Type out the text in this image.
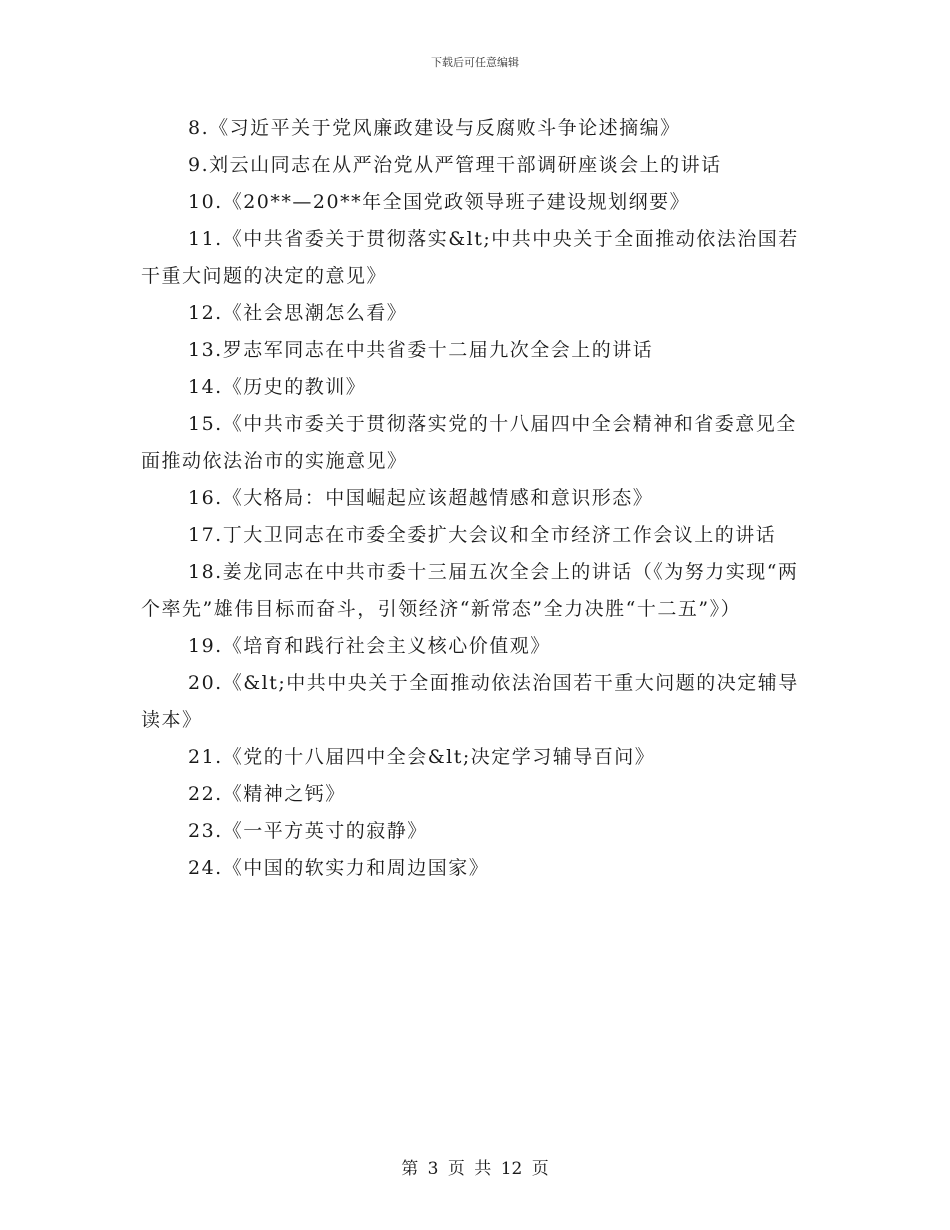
下载后可任意编辑

8.《习近平关于党风廉政建设与反腐败斗争论述摘编》

9.刘云山同志在从严治党从严管理干部调研座谈会上的讲话

10.《20**—20**年全国党政领导班子建设规划纲要》

11.《中共省委关于贯彻落实&lt;中共中央关于全面推动依法治国若干重大问题的决定的意见》

12.《社会思潮怎么看》

13.罗志军同志在中共省委十二届九次全会上的讲话

14.《历史的教训》

15.《中共市委关于贯彻落实党的十八届四中全会精神和省委意见全面推动依法治市的实施意见》

16.《大格局：中国崛起应该超越情感和意识形态》

17.丁大卫同志在市委全委扩大会议和全市经济工作会议上的讲话

18.姜龙同志在中共市委十三届五次全会上的讲话（《为努力实现“两个率先”雄伟目标而奋斗，引领经济“新常态”全力决胜“十二五”》）

19.《培育和践行社会主义核心价值观》

20.《&lt;中共中央关于全面推动依法治国若干重大问题的决定辅导读本》

21.《党的十八届四中全会&lt;决定学习辅导百问》

22.《精神之钙》

23.《一平方英寸的寂静》

24.《中国的软实力和周边国家》

第 3 页 共 12 页
